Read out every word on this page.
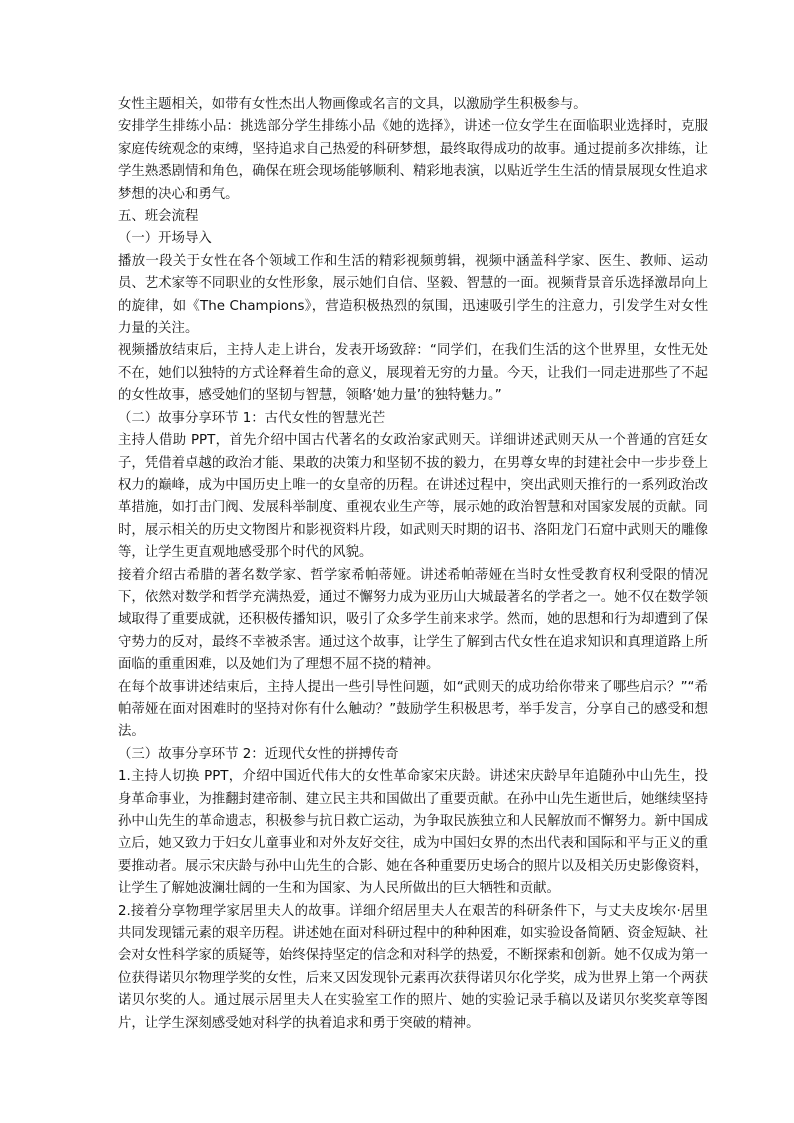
女性主题相关，如带有女性杰出人物画像或名言的文具，以激励学生积极参与。

安排学生排练小品：挑选部分学生排练小品《她的选择》，讲述一位女学生在面临职业选择时，克服家庭传统观念的束缚，坚持追求自己热爱的科研梦想，最终取得成功的故事。通过提前多次排练，让学生熟悉剧情和角色，确保在班会现场能够顺利、精彩地表演，以贴近学生生活的情景展现女性追求梦想的决心和勇气。

五、班会流程

（一）开场导入

播放一段关于女性在各个领域工作和生活的精彩视频剪辑，视频中涵盖科学家、医生、教师、运动员、艺术家等不同职业的女性形象，展示她们自信、坚毅、智慧的一面。视频背景音乐选择激昂向上的旋律，如《The Champions》，营造积极热烈的氛围，迅速吸引学生的注意力，引发学生对女性力量的关注。

视频播放结束后，主持人走上讲台，发表开场致辞：“同学们，在我们生活的这个世界里，女性无处不在，她们以独特的方式诠释着生命的意义，展现着无穷的力量。今天，让我们一同走进那些了不起的女性故事，感受她们的坚韧与智慧，领略‘她力量’的独特魅力。”

（二）故事分享环节 1：古代女性的智慧光芒

主持人借助 PPT，首先介绍中国古代著名的女政治家武则天。详细讲述武则天从一个普通的宫廷女子，凭借着卓越的政治才能、果敢的决策力和坚韧不拔的毅力，在男尊女卑的封建社会中一步步登上权力的巅峰，成为中国历史上唯一的女皇帝的历程。在讲述过程中，突出武则天推行的一系列政治改革措施，如打击门阀、发展科举制度、重视农业生产等，展示她的政治智慧和对国家发展的贡献。同时，展示相关的历史文物图片和影视资料片段，如武则天时期的诏书、洛阳龙门石窟中武则天的雕像等，让学生更直观地感受那个时代的风貌。

接着介绍古希腊的著名数学家、哲学家希帕蒂娅。讲述希帕蒂娅在当时女性受教育权利受限的情况下，依然对数学和哲学充满热爱，通过不懈努力成为亚历山大城最著名的学者之一。她不仅在数学领域取得了重要成就，还积极传播知识，吸引了众多学生前来求学。然而，她的思想和行为却遭到了保守势力的反对，最终不幸被杀害。通过这个故事，让学生了解到古代女性在追求知识和真理道路上所面临的重重困难，以及她们为了理想不屈不挠的精神。

在每个故事讲述结束后，主持人提出一些引导性问题，如“武则天的成功给你带来了哪些启示？”“希帕蒂娅在面对困难时的坚持对你有什么触动？”鼓励学生积极思考，举手发言，分享自己的感受和想法。

（三）故事分享环节 2：近现代女性的拼搏传奇

1.主持人切换 PPT，介绍中国近代伟大的女性革命家宋庆龄。讲述宋庆龄早年追随孙中山先生，投身革命事业，为推翻封建帝制、建立民主共和国做出了重要贡献。在孙中山先生逝世后，她继续坚持孙中山先生的革命遗志，积极参与抗日救亡运动，为争取民族独立和人民解放而不懈努力。新中国成立后，她又致力于妇女儿童事业和对外友好交往，成为中国妇女界的杰出代表和国际和平与正义的重要推动者。展示宋庆龄与孙中山先生的合影、她在各种重要历史场合的照片以及相关历史影像资料，让学生了解她波澜壮阔的一生和为国家、为人民所做出的巨大牺牲和贡献。

2.接着分享物理学家居里夫人的故事。详细介绍居里夫人在艰苦的科研条件下，与丈夫皮埃尔·居里共同发现镭元素的艰辛历程。讲述她在面对科研过程中的种种困难，如实验设备简陋、资金短缺、社会对女性科学家的质疑等，始终保持坚定的信念和对科学的热爱，不断探索和创新。她不仅成为第一位获得诺贝尔物理学奖的女性，后来又因发现钋元素再次获得诺贝尔化学奖，成为世界上第一个两获诺贝尔奖的人。通过展示居里夫人在实验室工作的照片、她的实验记录手稿以及诺贝尔奖奖章等图片，让学生深刻感受她对科学的执着追求和勇于突破的精神。
